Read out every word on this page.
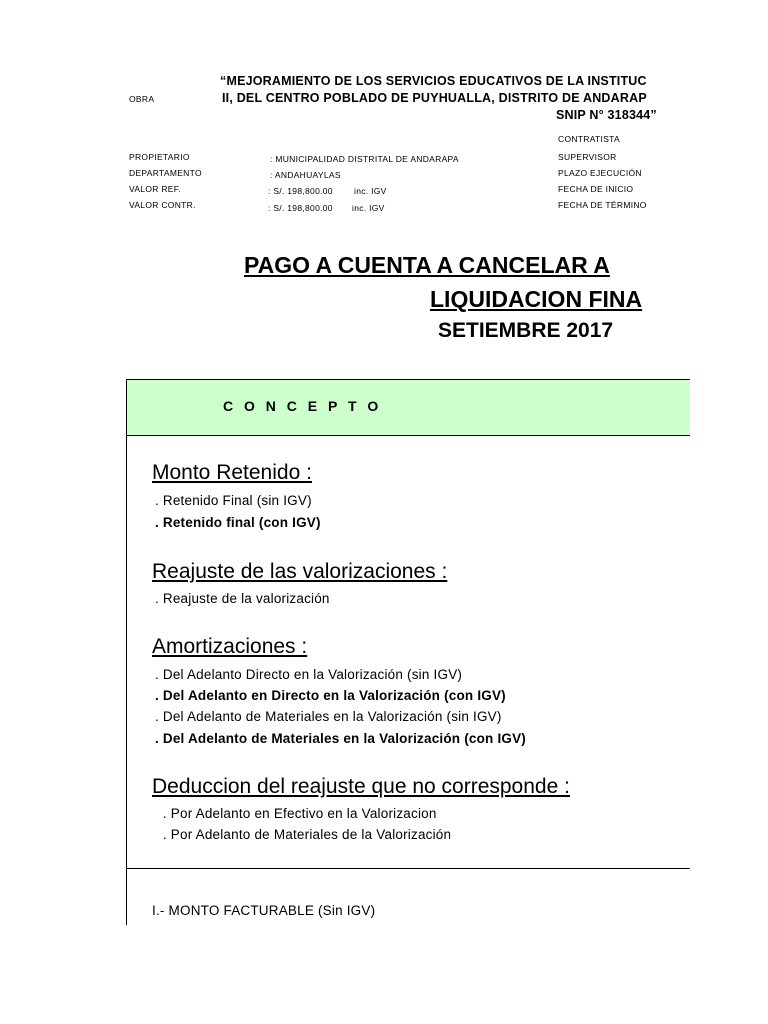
“MEJORAMIENTO DE LOS SERVICIOS EDUCATIVOS DE LA INSTITUC
OBRA	II, DEL CENTRO POBLADO DE PUYHUALLA, DISTRITO DE ANDARAP
SNIP N° 318344”
PROPIETARIO	: MUNICIPALIDAD DISTRITAL DE ANDARAPA
DEPARTAMENTO	: ANDAHUAYLAS
VALOR REF.	: S/. 198,800.00 inc. IGV
VALOR CONTR.	: S/. 198,800.00 inc. IGV
CONTRATISTA
SUPERVISOR
PLAZO EJECUCIÓN
FECHA DE INICIO
FECHA DE TÉRMINO
PAGO A CUENTA A CANCELAR A
LIQUIDACION FINA
SETIEMBRE 2017
C O N C E P T O
Monto Retenido :
. Retenido Final (sin IGV)
. Retenido final (con IGV)
Reajuste de las valorizaciones :
. Reajuste de la valorización
Amortizaciones :
. Del Adelanto Directo en la Valorización (sin IGV)
. Del Adelanto en Directo en la Valorización (con IGV)
. Del Adelanto de Materiales en la Valorización (sin IGV)
. Del Adelanto de Materiales en la Valorización (con IGV)
Deduccion del reajuste que no corresponde :
. Por Adelanto en Efectivo en la Valorizacion
. Por Adelanto de Materiales de la Valorización
I.- MONTO FACTURABLE (Sin IGV)
